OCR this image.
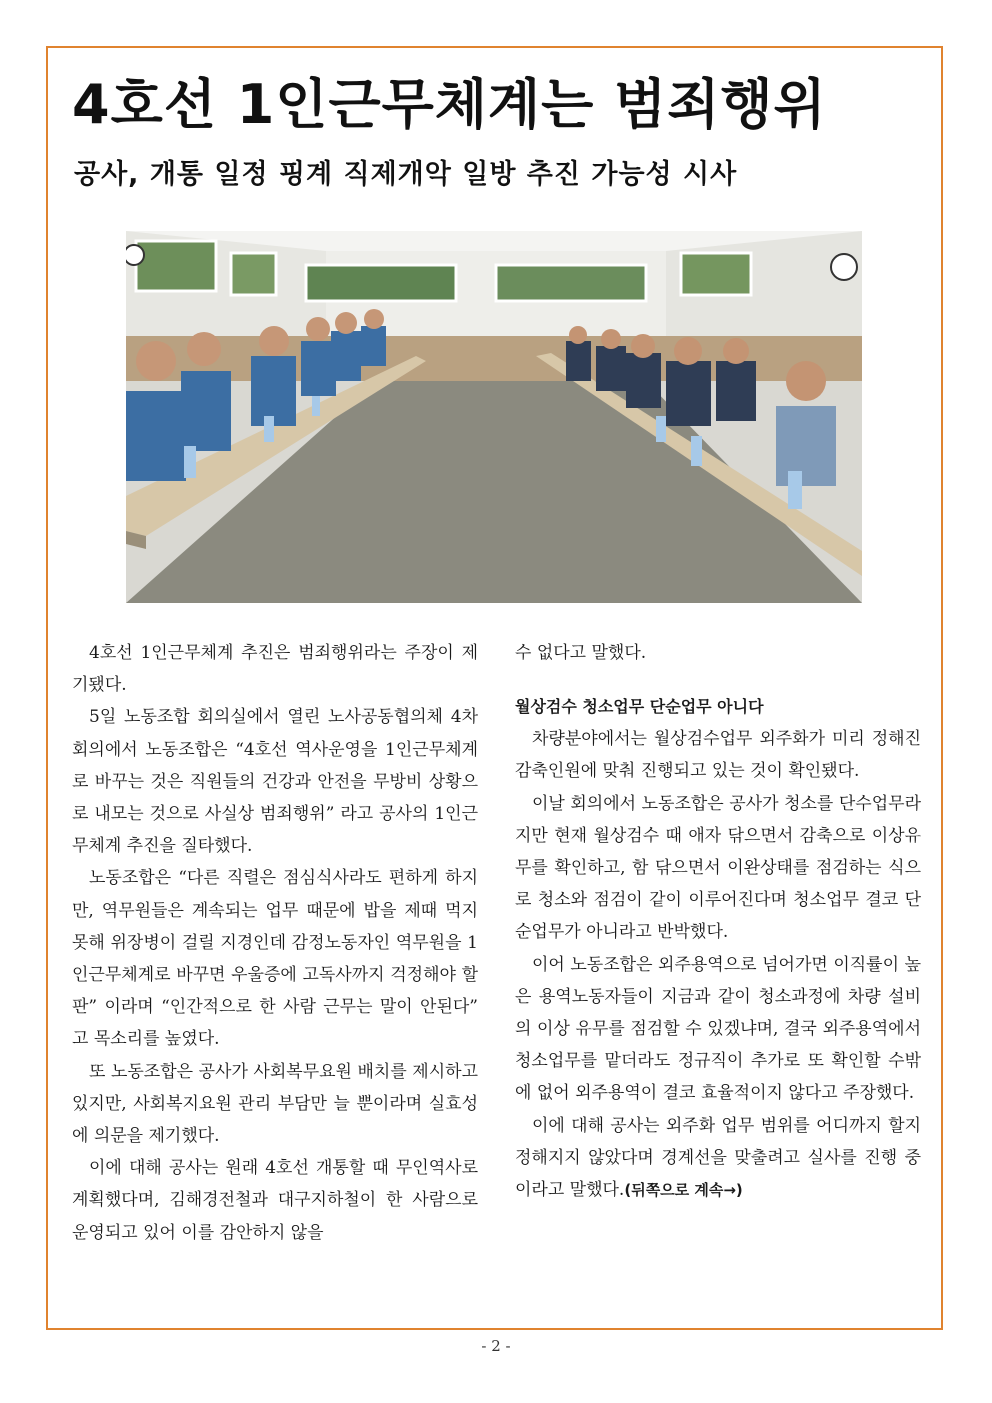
4호선 1인근무체계는 범죄행위
공사, 개통 일정 핑계 직제개악 일방 추진 가능성 시사

4호선 1인근무체계 추진은 범죄행위라는 주장이 제기됐다.

5일 노동조합 회의실에서 열린 노사공동협의체 4차 회의에서 노동조합은 “4호선 역사운영을 1인근무체계로 바꾸는 것은 직원들의 건강과 안전을 무방비 상황으로 내모는 것으로 사실상 범죄행위” 라고 공사의 1인근무체계 추진을 질타했다.

노동조합은 “다른 직렬은 점심식사라도 편하게 하지만, 역무원들은 계속되는 업무 때문에 밥을 제때 먹지 못해 위장병이 걸릴 지경인데 감정노동자인 역무원을 1인근무체계로 바꾸면 우울증에 고독사까지 걱정해야 할 판” 이라며 “인간적으로 한 사람 근무는 말이 안된다” 고 목소리를 높였다.

또 노동조합은 공사가 사회복무요원 배치를 제시하고 있지만, 사회복지요원 관리 부담만 늘 뿐이라며 실효성에 의문을 제기했다.

이에 대해 공사는 원래 4호선 개통할 때 무인역사로 계획했다며, 김해경전철과 대구지하철이 한 사람으로 운영되고 있어 이를 감안하지 않을

수 없다고 말했다.

월상검수 청소업무 단순업무 아니다

차량분야에서는 월상검수업무 외주화가 미리 정해진 감축인원에 맞춰 진행되고 있는 것이 확인됐다.

이날 회의에서 노동조합은 공사가 청소를 단수업무라지만 현재 월상검수 때 애자 닦으면서 감축으로 이상유무를 확인하고, 함 닦으면서 이완상태를 점검하는 식으로 청소와 점검이 같이 이루어진다며 청소업무 결코 단순업무가 아니라고 반박했다.

이어 노동조합은 외주용역으로 넘어가면 이직률이 높은 용역노동자들이 지금과 같이 청소과정에 차량 설비의 이상 유무를 점검할 수 있겠냐며, 결국 외주용역에서 청소업무를 맡더라도 정규직이 추가로 또 확인할 수밖에 없어 외주용역이 결코 효율적이지 않다고 주장했다.

이에 대해 공사는 외주화 업무 범위를 어디까지 할지 정해지지 않았다며 경계선을 맞출려고 실사를 진행 중이라고 말했다.(뒤쪽으로 계속→)

- 2 -
